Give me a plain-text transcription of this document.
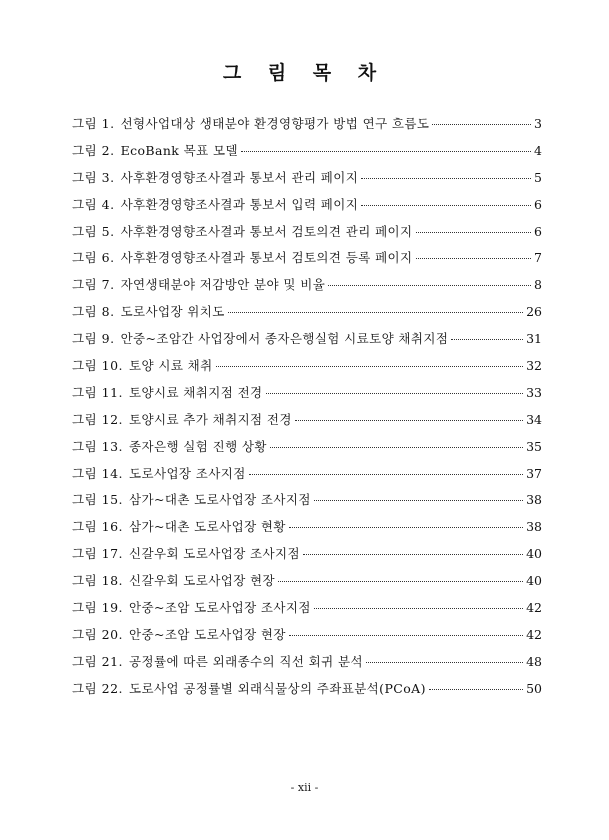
그 림 목 차
그림 1. 선형사업대상 생태분야 환경영향평가 방법 연구 흐름도	3
그림 2. EcoBank 목표 모델	4
그림 3. 사후환경영향조사결과 통보서 관리 페이지	5
그림 4. 사후환경영향조사결과 통보서 입력 페이지	6
그림 5. 사후환경영향조사결과 통보서 검토의견 관리 페이지	6
그림 6. 사후환경영향조사결과 통보서 검토의견 등록 페이지	7
그림 7. 자연생태분야 저감방안 분야 및 비율	8
그림 8. 도로사업장 위치도	26
그림 9. 안중~조암간 사업장에서 종자은행실험 시료토양 채취지점	31
그림 10. 토양 시료 채취	32
그림 11. 토양시료 채취지점 전경	33
그림 12. 토양시료 추가 채취지점 전경	34
그림 13. 종자은행 실험 진행 상황	35
그림 14. 도로사업장 조사지점	37
그림 15. 삼가~대촌 도로사업장 조사지점	38
그림 16. 삼가~대촌 도로사업장 현황	38
그림 17. 신갈우회 도로사업장 조사지점	40
그림 18. 신갈우회 도로사업장 현장	40
그림 19. 안중~조암 도로사업장 조사지점	42
그림 20. 안중~조암 도로사업장 현장	42
그림 21. 공정률에 따른 외래종수의 직선 회귀 분석	48
그림 22. 도로사업 공정률별 외래식물상의 주좌표분석(PCoA)	50
- xii -
